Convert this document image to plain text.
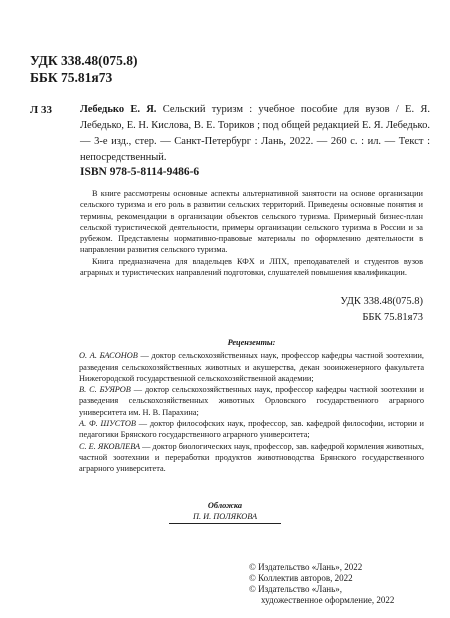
УДК 338.48(075.8)
ББК 75.81я73
Л 33	Лебедько Е. Я. Сельский туризм : учебное пособие для вузов / Е. Я. Лебедько, Е. Н. Кислова, В. Е. Ториков ; под общей редакцией Е. Я. Лебедько. — 3-е изд., стер. — Санкт-Петербург : Лань, 2022. — 260 с. : ил. — Текст : непосредственный.
ISBN 978-5-8114-9486-6

В книге рассмотрены основные аспекты альтернативной занятости на основе организации сельского туризма и его роль в развитии сельских территорий. Приведены основные понятия и термины, рекомендации в организации объектов сельского туризма. Примерный бизнес-план сельской туристической деятельности, примеры организации сельского туризма в России и за рубежом. Представлены нормативно-правовые материалы по оформлению деятельности в направлении развития сельского туризма.

Книга предназначена для владельцев КФХ и ЛПХ, преподавателей и студентов вузов аграрных и туристических направлений подготовки, слушателей повышения квалификации.

УДК 338.48(075.8)
ББК 75.81я73
Рецензенты:
О. А. БАСОНОВ — доктор сельскохозяйственных наук, профессор кафедры частной зоотехнии, разведения сельскохозяйственных животных и акушерства, декан зооинженерного факультета Нижегородской государственной сельскохозяйственной академии;
В. С. БУЯРОВ — доктор сельскохозяйственных наук, профессор кафедры частной зоотехнии и разведения сельскохозяйственных животных Орловского государственного аграрного университета им. Н. В. Парахина;
А. Ф. ШУСТОВ — доктор философских наук, профессор, зав. кафедрой философии, истории и педагогики Брянского государственного аграрного университета;
С. Е. ЯКОВЛЕВА — доктор биологических наук, профессор, зав. кафедрой кормления животных, частной зоотехнии и переработки продуктов животноводства Брянского государственного аграрного университета.
Обложка
П. И. ПОЛЯКОВА
© Издательство «Лань», 2022
© Коллектив авторов, 2022
© Издательство «Лань»,
художественное оформление, 2022
